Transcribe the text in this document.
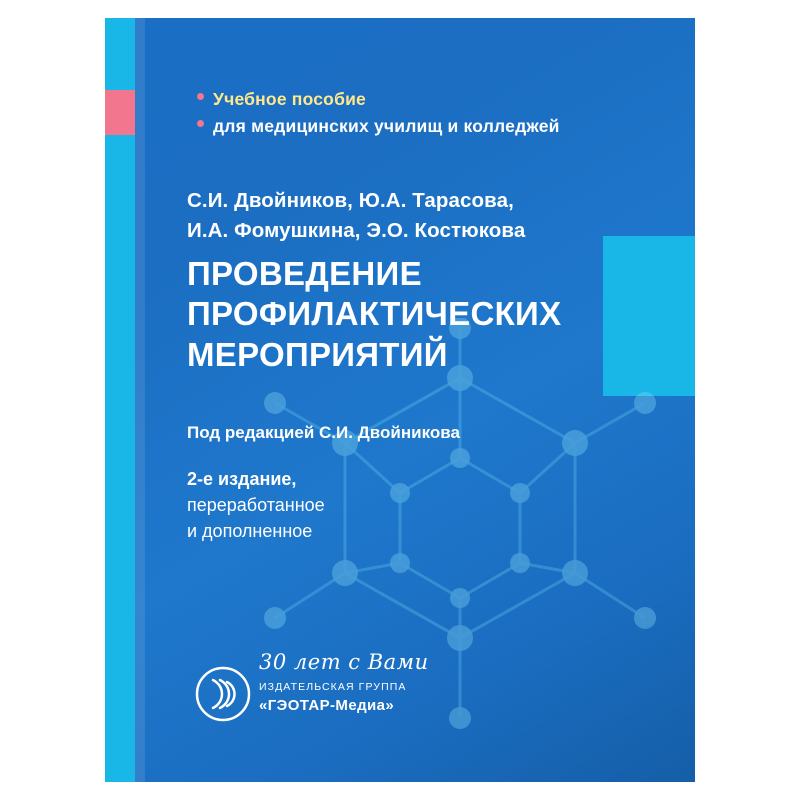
Учебное пособие
для медицинских училищ и колледжей
С.И. Двойников, Ю.А. Тарасова,
И.А. Фомушкина, Э.О. Костюкова
ПРОВЕДЕНИЕ
ПРОФИЛАКТИЧЕСКИХ
МЕРОПРИЯТИЙ
Под редакцией С.И. Двойникова
2-е издание,
переработанное
и дополненное
30 лет с Вами
ИЗДАТЕЛЬСКАЯ ГРУППА
«ГЭОТАР-Медиа»
